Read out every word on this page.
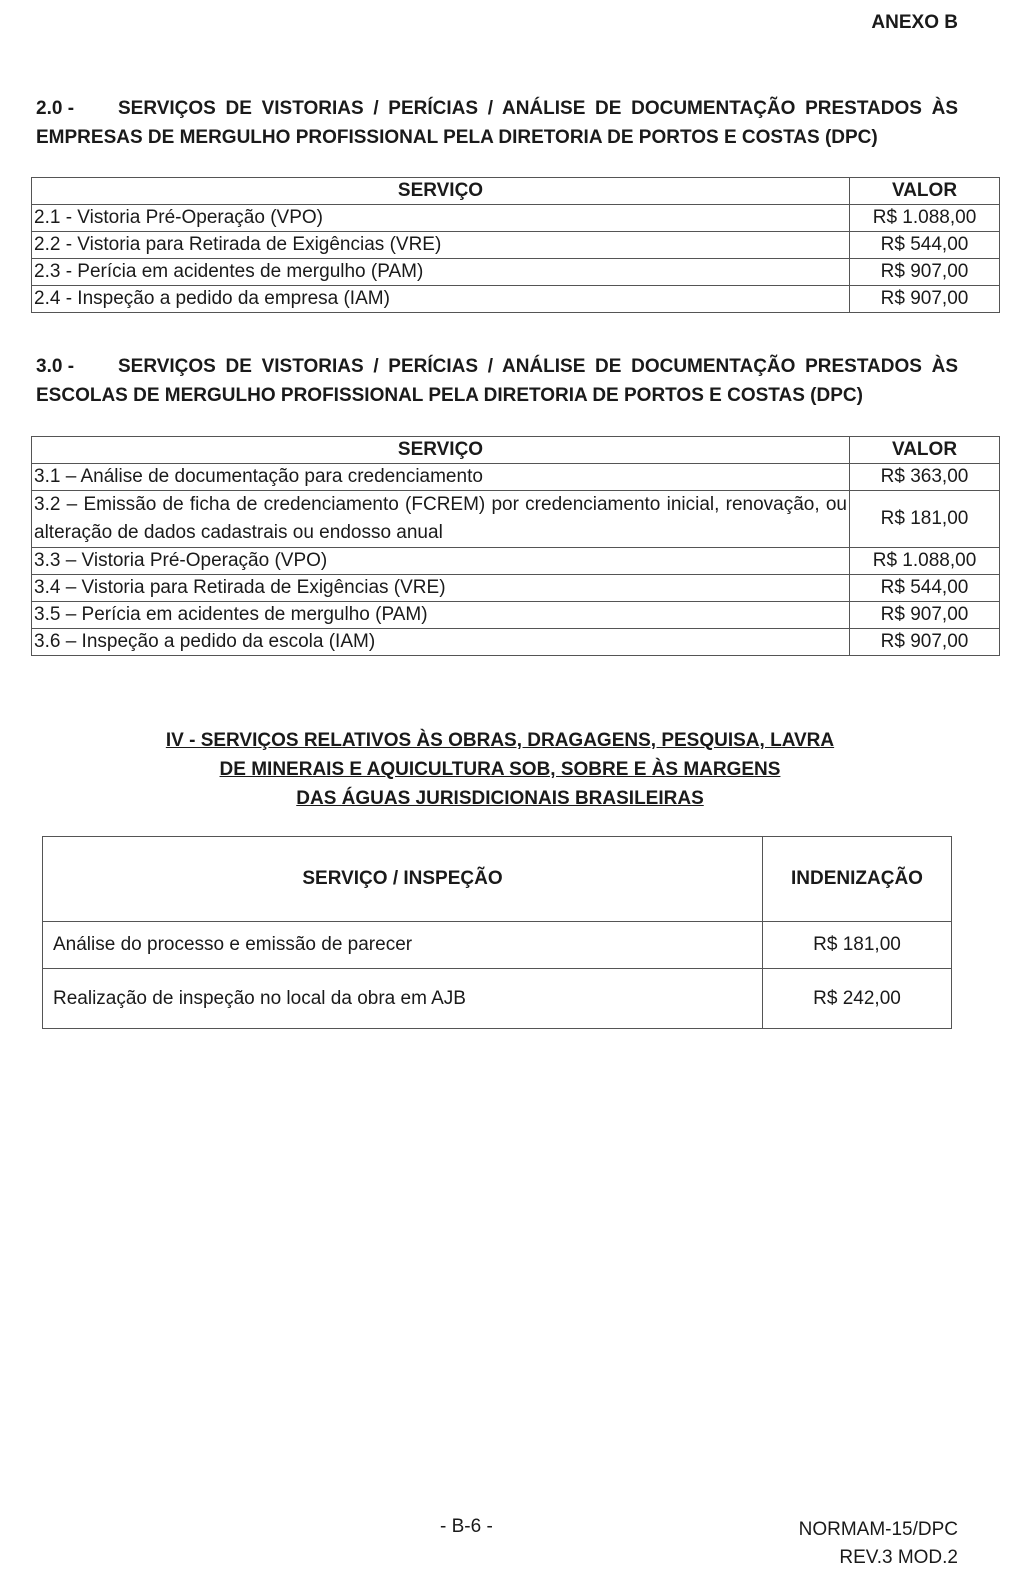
ANEXO B
2.0 -	SERVIÇOS DE VISTORIAS / PERÍCIAS / ANÁLISE DE DOCUMENTAÇÃO PRESTADOS ÀS
EMPRESAS DE MERGULHO PROFISSIONAL PELA DIRETORIA DE PORTOS E COSTAS (DPC)
SERVIÇO	VALOR
2.1 - Vistoria Pré-Operação (VPO)	R$ 1.088,00
2.2 - Vistoria para Retirada de Exigências (VRE)	R$ 544,00
2.3 - Perícia em acidentes de mergulho (PAM)	R$ 907,00
2.4 - Inspeção a pedido da empresa (IAM)	R$ 907,00
3.0 -	SERVIÇOS DE VISTORIAS / PERÍCIAS / ANÁLISE DE DOCUMENTAÇÃO PRESTADOS ÀS
ESCOLAS DE MERGULHO PROFISSIONAL PELA DIRETORIA DE PORTOS E COSTAS (DPC)
SERVIÇO	VALOR
3.1 – Análise de documentação para credenciamento	R$ 363,00
3.2 – Emissão de ficha de credenciamento (FCREM) por credenciamento inicial, renovação, ou alteração de dados cadastrais ou endosso anual	R$ 181,00
3.3 – Vistoria Pré-Operação (VPO)	R$ 1.088,00
3.4 – Vistoria para Retirada de Exigências (VRE)	R$ 544,00
3.5 – Perícia em acidentes de mergulho (PAM)	R$ 907,00
3.6 – Inspeção a pedido da escola (IAM)	R$ 907,00
IV - SERVIÇOS RELATIVOS ÀS OBRAS, DRAGAGENS, PESQUISA, LAVRA
DE MINERAIS E AQUICULTURA SOB, SOBRE E ÀS MARGENS
DAS ÁGUAS JURISDICIONAIS BRASILEIRAS
SERVIÇO / INSPEÇÃO	INDENIZAÇÃO
Análise do processo e emissão de parecer	R$ 181,00
Realização de inspeção no local da obra em AJB	R$ 242,00
- B-6 -	NORMAM-15/DPC
REV.3 MOD.2
